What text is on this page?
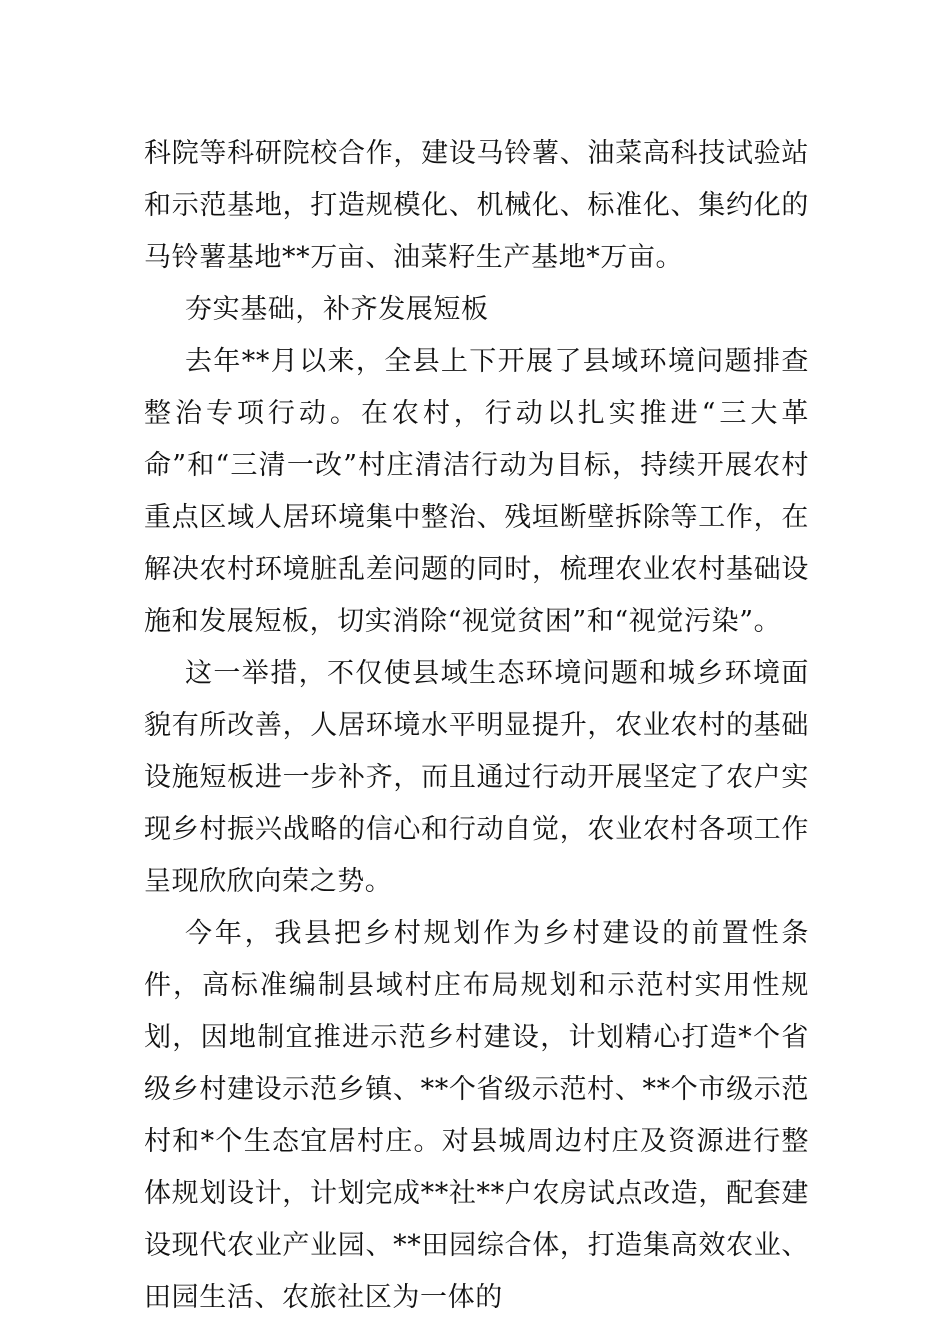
科院等科研院校合作，建设马铃薯、油菜高科技试验站和示范基地，打造规模化、机械化、标准化、集约化的马铃薯基地**万亩、油菜籽生产基地*万亩。

夯实基础，补齐发展短板

去年**月以来，全县上下开展了县域环境问题排查整治专项行动。在农村，行动以扎实推进“三大革命”和“三清一改”村庄清洁行动为目标，持续开展农村重点区域人居环境集中整治、残垣断壁拆除等工作，在解决农村环境脏乱差问题的同时，梳理农业农村基础设施和发展短板，切实消除“视觉贫困”和“视觉污染”。

这一举措，不仅使县域生态环境问题和城乡环境面貌有所改善，人居环境水平明显提升，农业农村的基础设施短板进一步补齐，而且通过行动开展坚定了农户实现乡村振兴战略的信心和行动自觉，农业农村各项工作呈现欣欣向荣之势。

今年，我县把乡村规划作为乡村建设的前置性条件，高标准编制县域村庄布局规划和示范村实用性规划，因地制宜推进示范乡村建设，计划精心打造*个省级乡村建设示范乡镇、**个省级示范村、**个市级示范村和*个生态宜居村庄。对县城周边村庄及资源进行整体规划设计，计划完成**社**户农房试点改造，配套建设现代农业产业园、**田园综合体，打造集高效农业、田园生活、农旅社区为一体的
